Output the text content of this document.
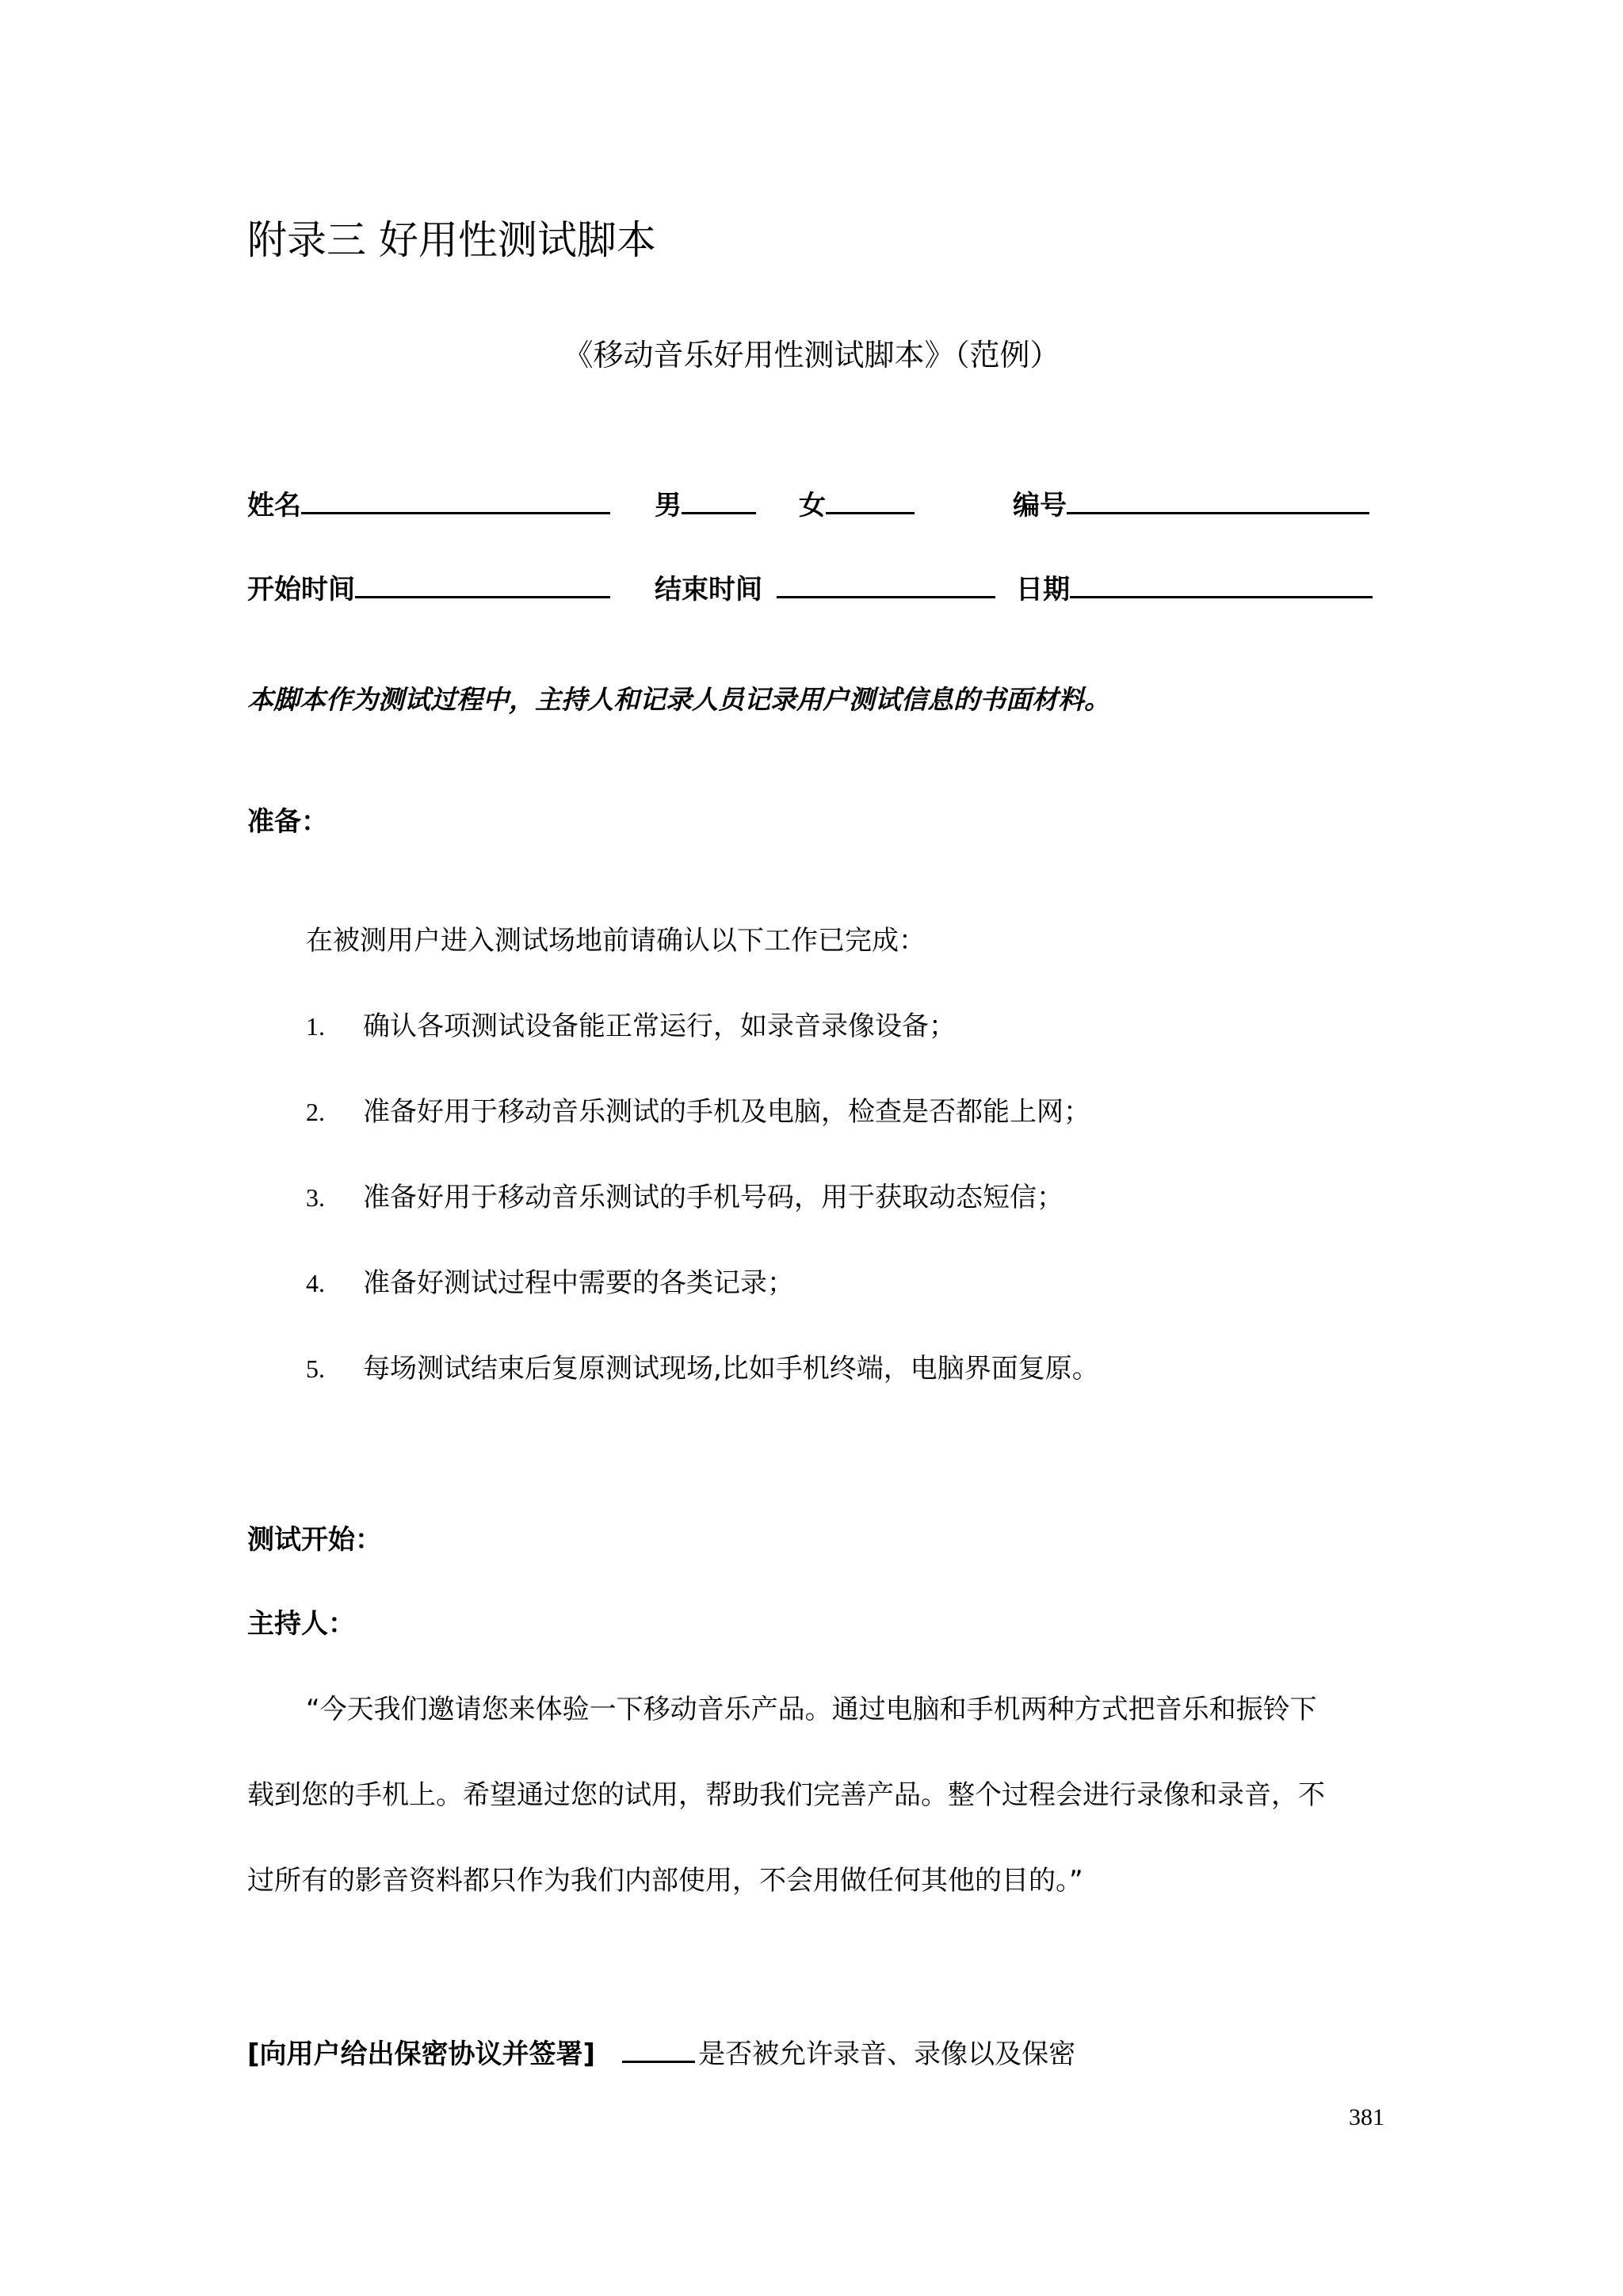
附录三 好用性测试脚本
《移动音乐好用性测试脚本》（范例）
姓名	男	女	编号
开始时间	结束时间	日期
本脚本作为测试过程中，主持人和记录人员记录用户测试信息的书面材料。
准备：
在被测用户进入测试场地前请确认以下工作已完成：
1. 确认各项测试设备能正常运行，如录音录像设备；
2. 准备好用于移动音乐测试的手机及电脑，检查是否都能上网；
3. 准备好用于移动音乐测试的手机号码，用于获取动态短信；
4. 准备好测试过程中需要的各类记录；
5. 每场测试结束后复原测试现场,比如手机终端，电脑界面复原。
测试开始：
主持人：
“今天我们邀请您来体验一下移动音乐产品。通过电脑和手机两种方式把音乐和振铃下
载到您的手机上。希望通过您的试用，帮助我们完善产品。整个过程会进行录像和录音，不
过所有的影音资料都只作为我们内部使用，不会用做任何其他的目的。”
[向用户给出保密协议并签署]	是否被允许录音、录像以及保密
381
